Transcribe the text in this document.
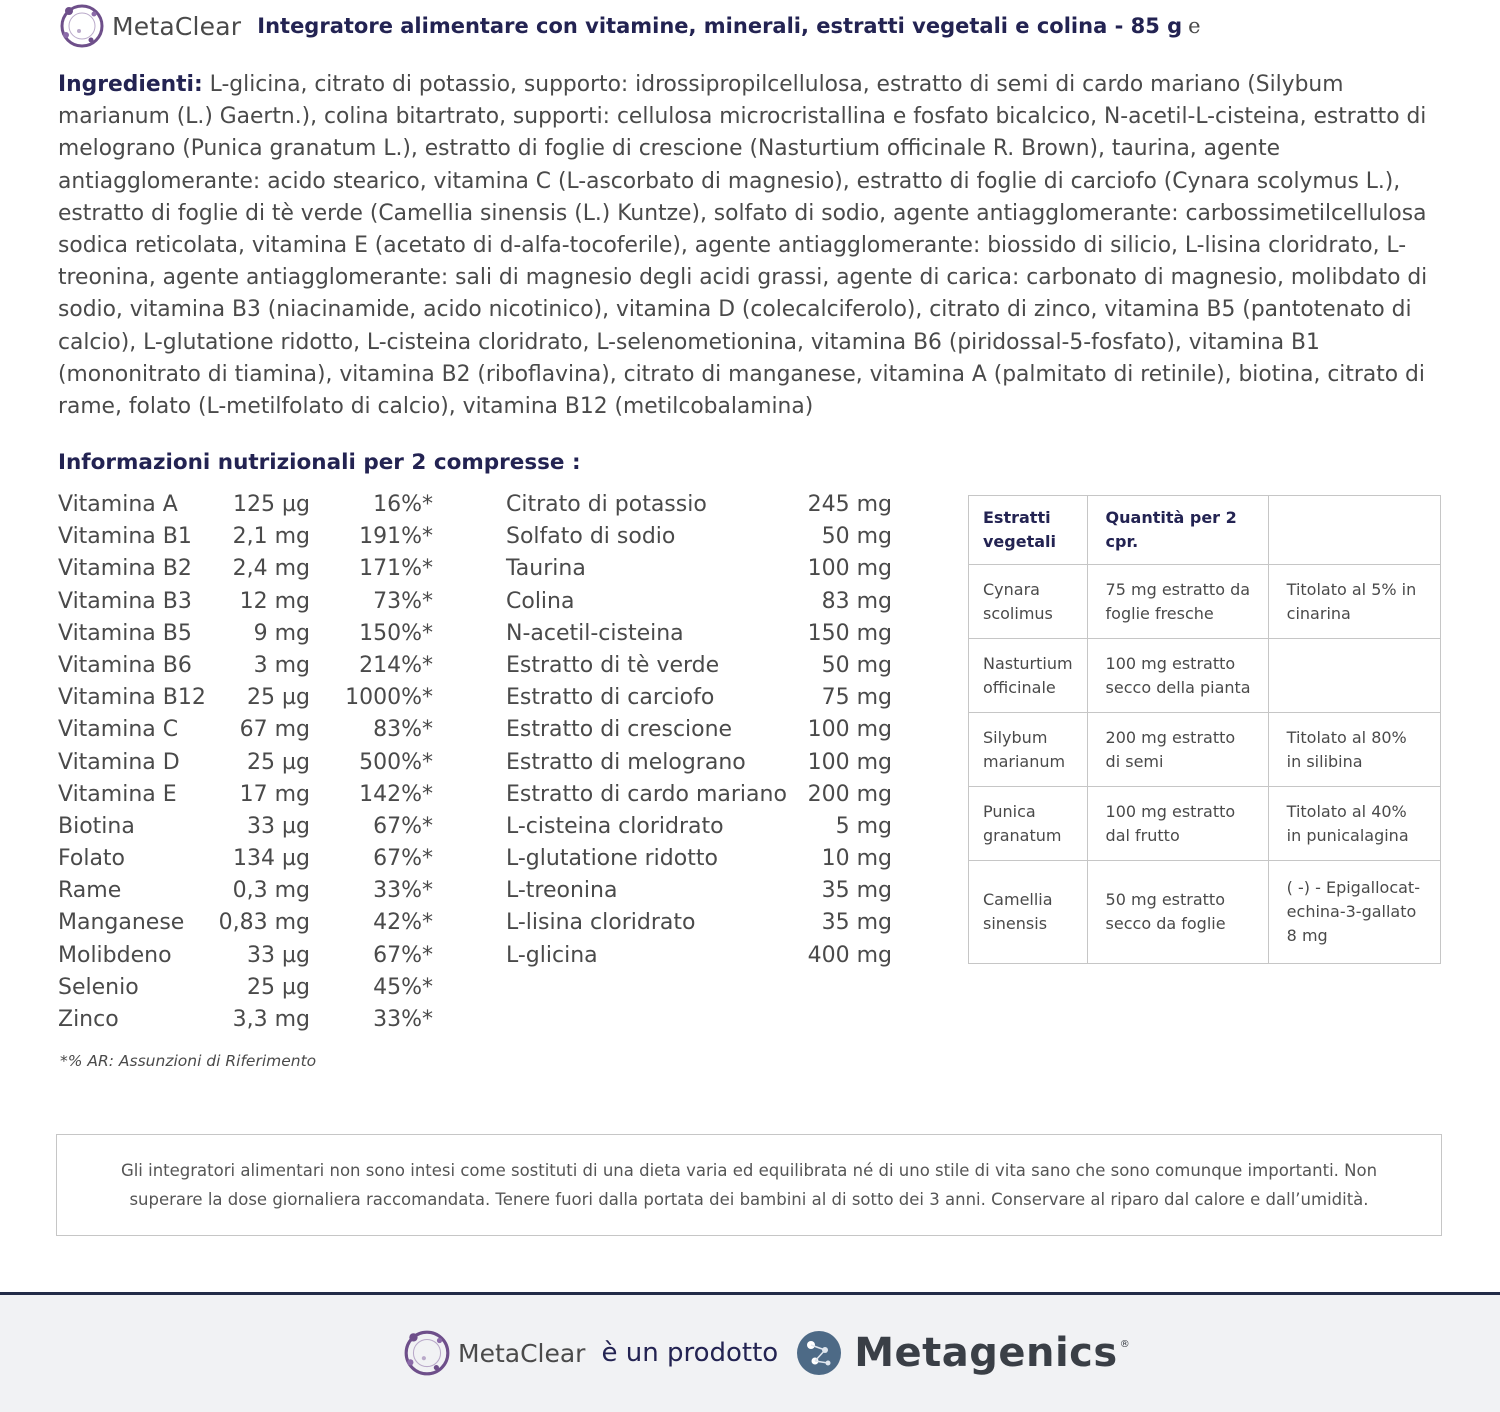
MetaClear Integratore alimentare con vitamine, minerali, estratti vegetali e colina - 85 g e

Ingredienti: L-glicina, citrato di potassio, supporto: idrossipropilcellulosa, estratto di semi di cardo mariano (Silybum marianum (L.) Gaertn.), colina bitartrato, supporti: cellulosa microcristallina e fosfato bicalcico, N-acetil-L-cisteina, estratto di melograno (Punica granatum L.), estratto di foglie di crescione (Nasturtium officinale R. Brown), taurina, agente antiagglomerante: acido stearico, vitamina C (L-ascorbato di magnesio), estratto di foglie di carciofo (Cynara scolymus L.), estratto di foglie di tè verde (Camellia sinensis (L.) Kuntze), solfato di sodio, agente antiagglomerante: carbossimetilcellulosa sodica reticolata, vitamina E (acetato di d-alfa-tocoferile), agente antiagglomerante: biossido di silicio, L-lisina cloridrato, L-treonina, agente antiagglomerante: sali di magnesio degli acidi grassi, agente di carica: carbonato di magnesio, molibdato di sodio, vitamina B3 (niacinamide, acido nicotinico), vitamina D (colecalciferolo), citrato di zinco, vitamina B5 (pantotenato di calcio), L-glutatione ridotto, L-cisteina cloridrato, L-selenometionina, vitamina B6 (piridossal-5-fosfato), vitamina B1 (mononitrato di tiamina), vitamina B2 (riboflavina), citrato di manganese, vitamina A (palmitato di retinile), biotina, citrato di rame, folato (L-metilfolato di calcio), vitamina B12 (metilcobalamina)

Informazioni nutrizionali per 2 compresse :
Vitamina A	125 µg	16%*
Vitamina B1 2,1 mg 191%*
Vitamina B2 2,4 mg 171%*
Vitamina B3 12 mg	73%*
Vitamina B5	9 mg 150%*
Vitamina B6	3 mg 214%*
Vitamina B12 25 µg 1000%*
Vitamina C	67 mg	83%*
Vitamina D	25 µg 500%*
Vitamina E	17 mg 142%*
Biotina	33 µg	67%*
Folato	134 µg	67%*
Rame	0,3 mg	33%*
Manganese 0,83 mg	42%*
Molibdeno	33 µg	67%*
Selenio	25 µg	45%*
Zinco	3,3 mg	33%*
Citrato di potassio	245 mg
Solfato di sodio	50 mg
Taurina	100 mg
Colina	83 mg
N-acetil-cisteina	150 mg
Estratto di tè verde	50 mg
Estratto di carciofo	75 mg
Estratto di crescione	100 mg
Estratto di melograno	100 mg
Estratto di cardo mariano 200 mg
L-cisteina cloridrato	5 mg
L-glutatione ridotto	10 mg
L-treonina	35 mg
L-lisina cloridrato	35 mg
L-glicina	400 mg

*% AR: Assunzioni di Riferimento

Estratti vegetali	Quantità per 2 cpr.	
Cynara scolimus	75 mg estratto da foglie fresche	Titolato al 5% in cinarina
Nasturtium officinale	100 mg estratto secco della pianta	
Silybum marianum	200 mg estratto di semi	Titolato al 80% in silibina
Punica granatum	100 mg estratto dal frutto	Titolato al 40% in punicalagina
Camellia sinensis	50 mg estratto secco da foglie	( -) - Epigallocat-echina-3-gallato 8 mg

Gli integratori alimentari non sono intesi come sostituti di una dieta varia ed equilibrata né di uno stile di vita sano che sono comunque importanti. Non superare la dose giornaliera raccomandata. Tenere fuori dalla portata dei bambini al di sotto dei 3 anni. Conservare al riparo dal calore e dall’umidità.

MetaClear è un prodotto Metagenics ®
